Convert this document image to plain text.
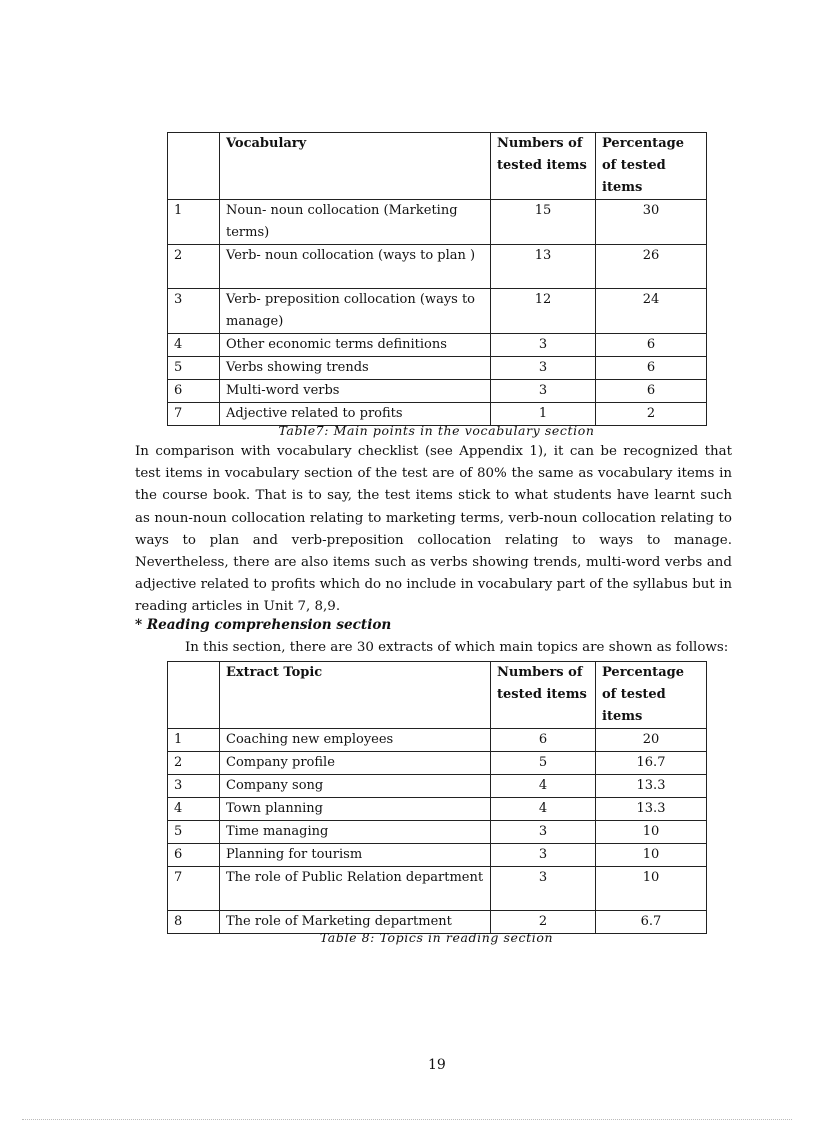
	Vocabulary	Numbers of tested items	Percentage of tested items
1	Noun- noun collocation (Marketing terms)	15	30
2	Verb- noun collocation (ways to plan )	13	26
3	Verb- preposition collocation (ways to manage)	12	24
4	Other economic terms definitions	3	6
5	Verbs showing trends	3	6
6	Multi-word verbs	3	6
7	Adjective related to profits	1	2
Table7: Main points in the vocabulary section
In comparison with vocabulary checklist (see Appendix 1), it can be recognized that test items in vocabulary section of the test are of 80% the same as vocabulary items in the course book. That is to say, the test items stick to what students have learnt such as noun-noun collocation relating to marketing terms, verb-noun collocation relating to ways to plan and verb-preposition collocation relating to ways to manage. Nevertheless, there are also items such as verbs showing trends, multi-word verbs and adjective related to profits which do no include in vocabulary part of the syllabus but in reading articles in Unit 7, 8,9.
* Reading comprehension section
In this section, there are 30 extracts of which main topics are shown as follows:
	Extract Topic	Numbers of tested items	Percentage of tested items
1	Coaching new employees	6	20
2	Company profile	5	16.7
3	Company song	4	13.3
4	Town planning	4	13.3
5	Time managing	3	10
6	Planning for tourism	3	10
7	The role of Public Relation department	3	10
8	The role of Marketing department	2	6.7
Table 8: Topics in reading section
19
